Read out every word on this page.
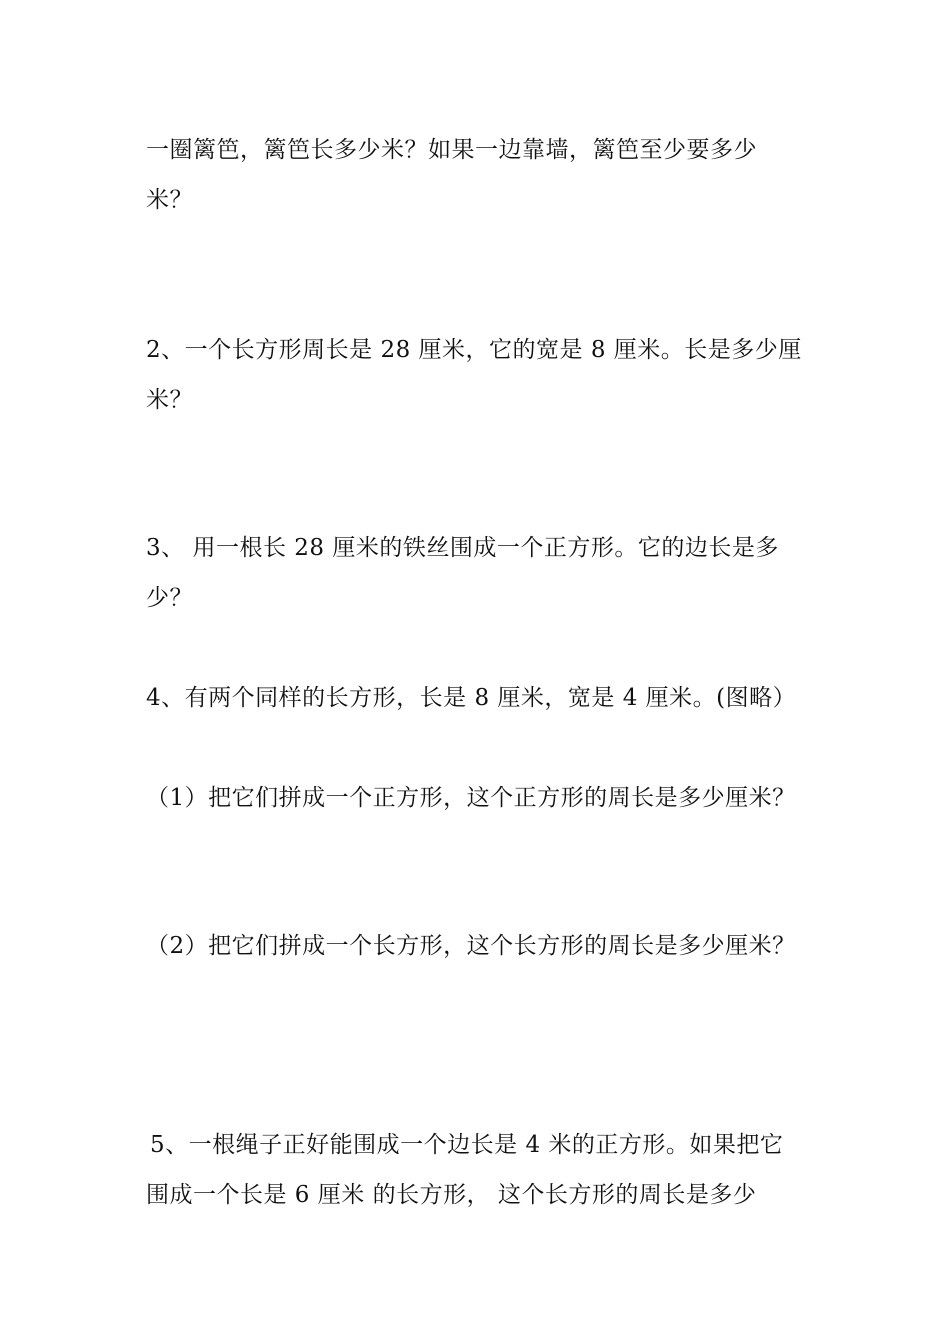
一圈篱笆，篱笆长多少米？如果一边靠墙，篱笆至少要多少
米？
2、一个长方形周长是 28 厘米，它的宽是 8 厘米。长是多少厘
米？
3、 用一根长 28 厘米的铁丝围成一个正方形。它的边长是多
少？
4、有两个同样的长方形，长是 8 厘米，宽是 4 厘米。(图略）
（1）把它们拼成一个正方形，这个正方形的周长是多少厘米？
（2）把它们拼成一个长方形，这个长方形的周长是多少厘米？
5、一根绳子正好能围成一个边长是 4 米的正方形。如果把它
围成一个长是 6 厘米 的长方形， 这个长方形的周长是多少
